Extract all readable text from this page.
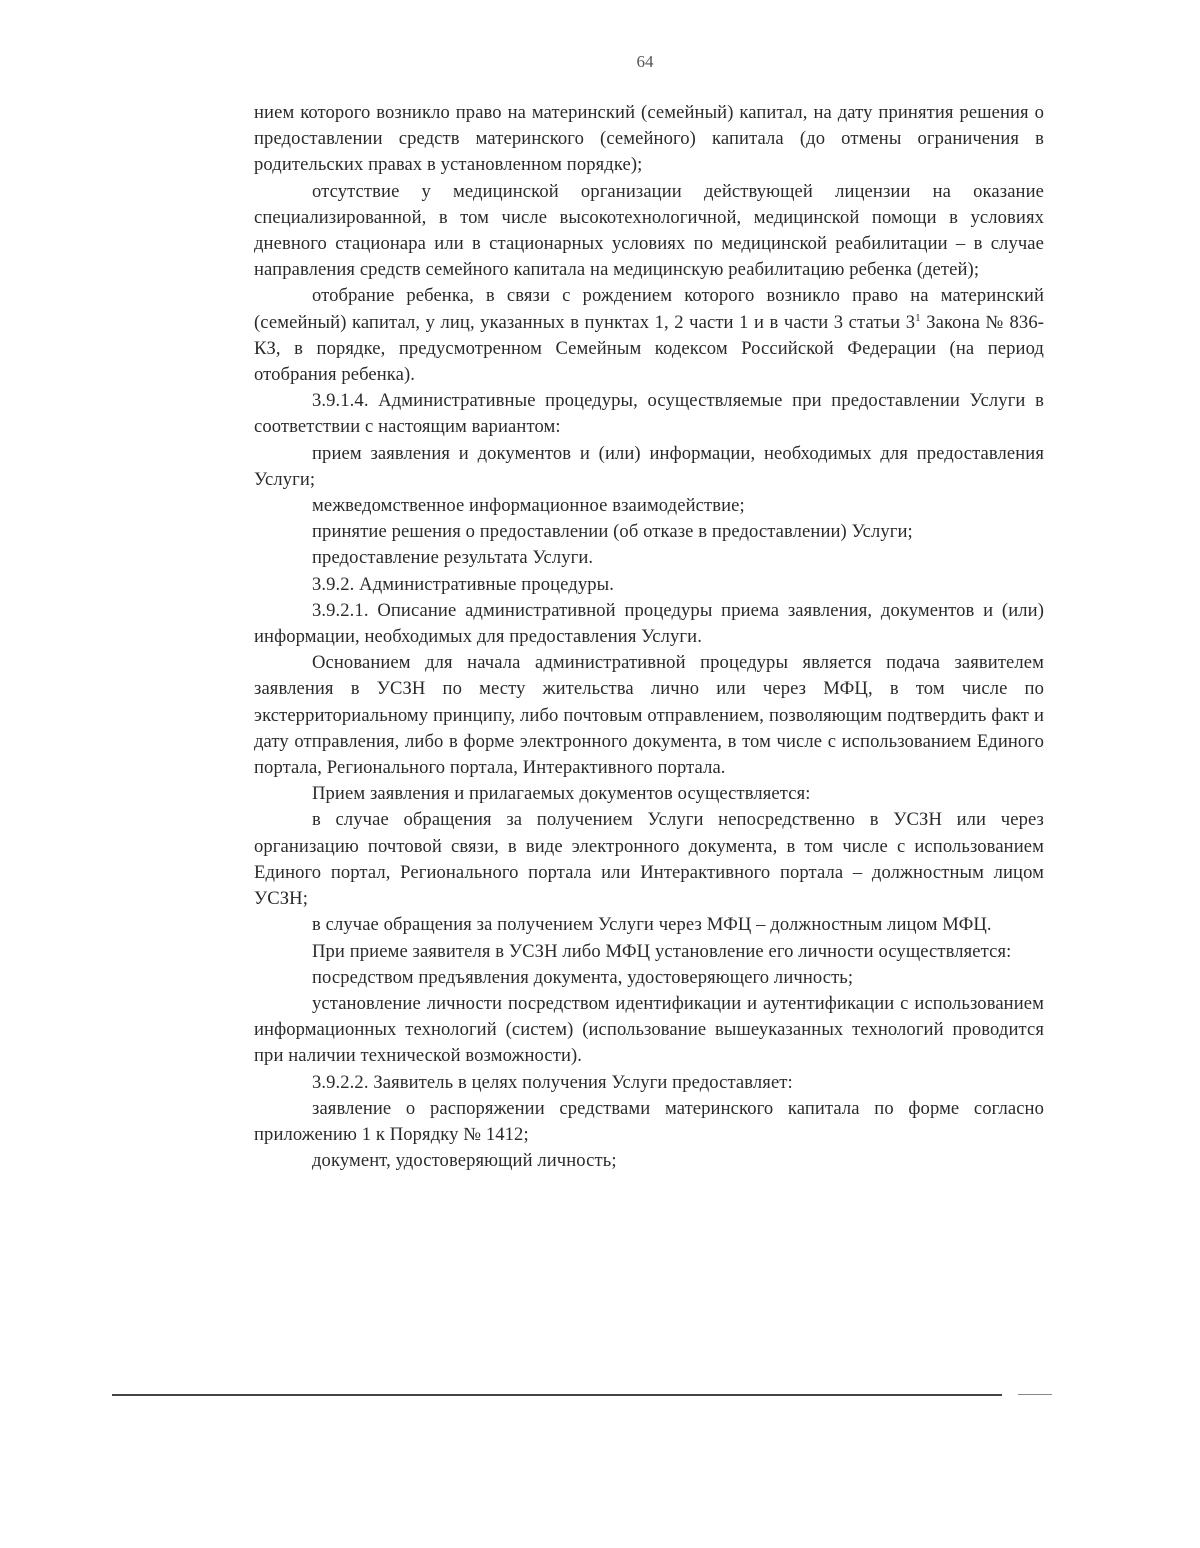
64

нием которого возникло право на материнский (семейный) капитал, на дату принятия решения о предоставлении средств материнского (семейного) капитала (до отмены ограничения в родительских правах в установленном порядке);

отсутствие у медицинской организации действующей лицензии на оказание специализированной, в том числе высокотехнологичной, медицинской помощи в условиях дневного стационара или в стационарных условиях по медицинской реабилитации – в случае направления средств семейного капитала на медицинскую реабилитацию ребенка (детей);

отобрание ребенка, в связи с рождением которого возникло право на материнский (семейный) капитал, у лиц, указанных в пунктах 1, 2 части 1 и в части 3 статьи $3^1$ Закона № 836-КЗ, в порядке, предусмотренном Семейным кодексом Российской Федерации (на период отобрания ребенка).

3.9.1.4. Административные процедуры, осуществляемые при предоставлении Услуги в соответствии с настоящим вариантом:

прием заявления и документов и (или) информации, необходимых для предоставления Услуги;

межведомственное информационное взаимодействие;

принятие решения о предоставлении (об отказе в предоставлении) Услуги;

предоставление результата Услуги.

3.9.2. Административные процедуры.

3.9.2.1. Описание административной процедуры приема заявления, документов и (или) информации, необходимых для предоставления Услуги.

Основанием для начала административной процедуры является подача заявителем заявления в УСЗН по месту жительства лично или через МФЦ, в том числе по экстерриториальному принципу, либо почтовым отправлением, позволяющим подтвердить факт и дату отправления, либо в форме электронного документа, в том числе с использованием Единого портала, Регионального портала, Интерактивного портала.

Прием заявления и прилагаемых документов осуществляется:

в случае обращения за получением Услуги непосредственно в УСЗН или через организацию почтовой связи, в виде электронного документа, в том числе с использованием Единого портал, Регионального портала или Интерактивного портала – должностным лицом УСЗН;

в случае обращения за получением Услуги через МФЦ – должностным лицом МФЦ.

При приеме заявителя в УСЗН либо МФЦ установление его личности осуществляется:

посредством предъявления документа, удостоверяющего личность;

установление личности посредством идентификации и аутентификации с использованием информационных технологий (систем) (использование вышеуказанных технологий проводится при наличии технической возможности).

3.9.2.2. Заявитель в целях получения Услуги предоставляет:

заявление о распоряжении средствами материнского капитала по форме согласно приложению 1 к Порядку № 1412;

документ, удостоверяющий личность;
